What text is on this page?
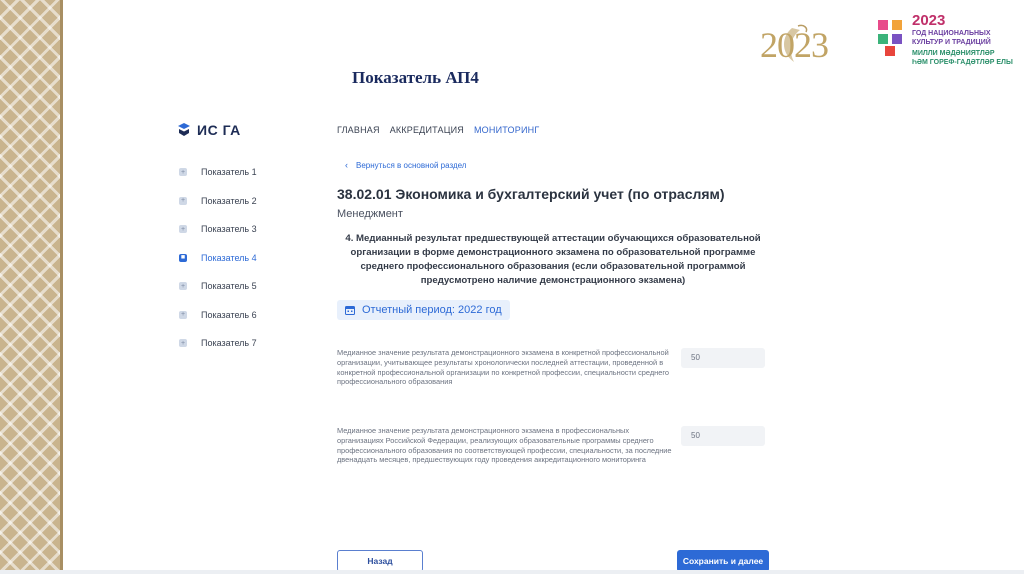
Показатель АП4
2023
2023
ГОД НАЦИОНАЛЬНЫХ
КУЛЬТУР И ТРАДИЦИЙ
МИЛЛИ МӘДӘНИЯТЛӘР
ҺӘМ ГОРЕФ-ГАДӘТЛӘР ЕЛЫ
ИС ГА	ГЛАВНАЯ АККРЕДИТАЦИЯ МОНИТОРИНГ
+ Показатель 1
+ Показатель 2
+ Показатель 3
■ Показатель 4
+ Показатель 5
+ Показатель 6
+ Показатель 7
‹ Вернуться в основной раздел
38.02.01 Экономика и бухгалтерский учет (по отраслям)
Менеджмент
4. Медианный результат предшествующей аттестации обучающихся образовательной организации в форме демонстрационного экзамена по образовательной программе среднего профессионального образования (если образовательной программой предусмотрено наличие демонстрационного экзамена)
Отчетный период: 2022 год
Медианное значение результата демонстрационного экзамена в конкретной профессиональной организации, учитывающее результаты хронологически последней аттестации, проведенной в конкретной профессиональной организации по конкретной профессии, специальности среднего профессионального образования
50
Медианное значение результата демонстрационного экзамена в профессиональных организациях Российской Федерации, реализующих образовательные программы среднего профессионального образования по соответствующей профессии, специальности, за последние двенадцать месяцев, предшествующих году проведения аккредитационного мониторинга
50
Назад	Сохранить и далее
